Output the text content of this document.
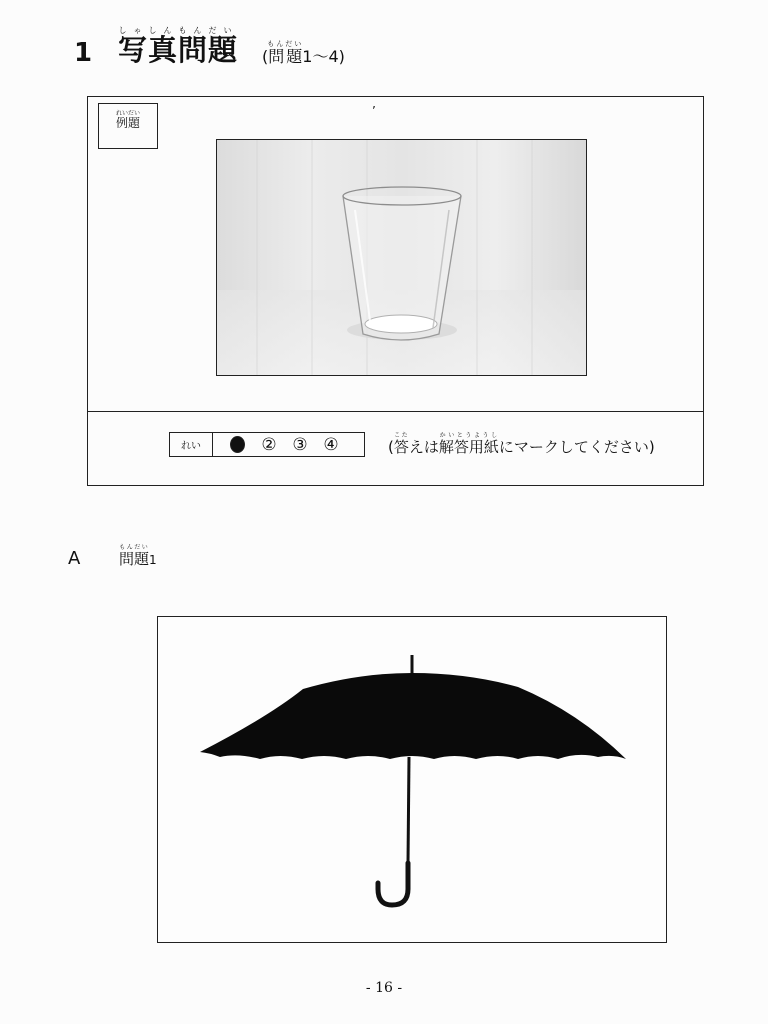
1 写真問題しゃしんもんだい
(問題もんだい1～4)
例題れいだい	’
れい	② ③ ④	(答こたえは解答用紙かいとうようしにマークしてください)
A	問題もんだい1
- 16 -
